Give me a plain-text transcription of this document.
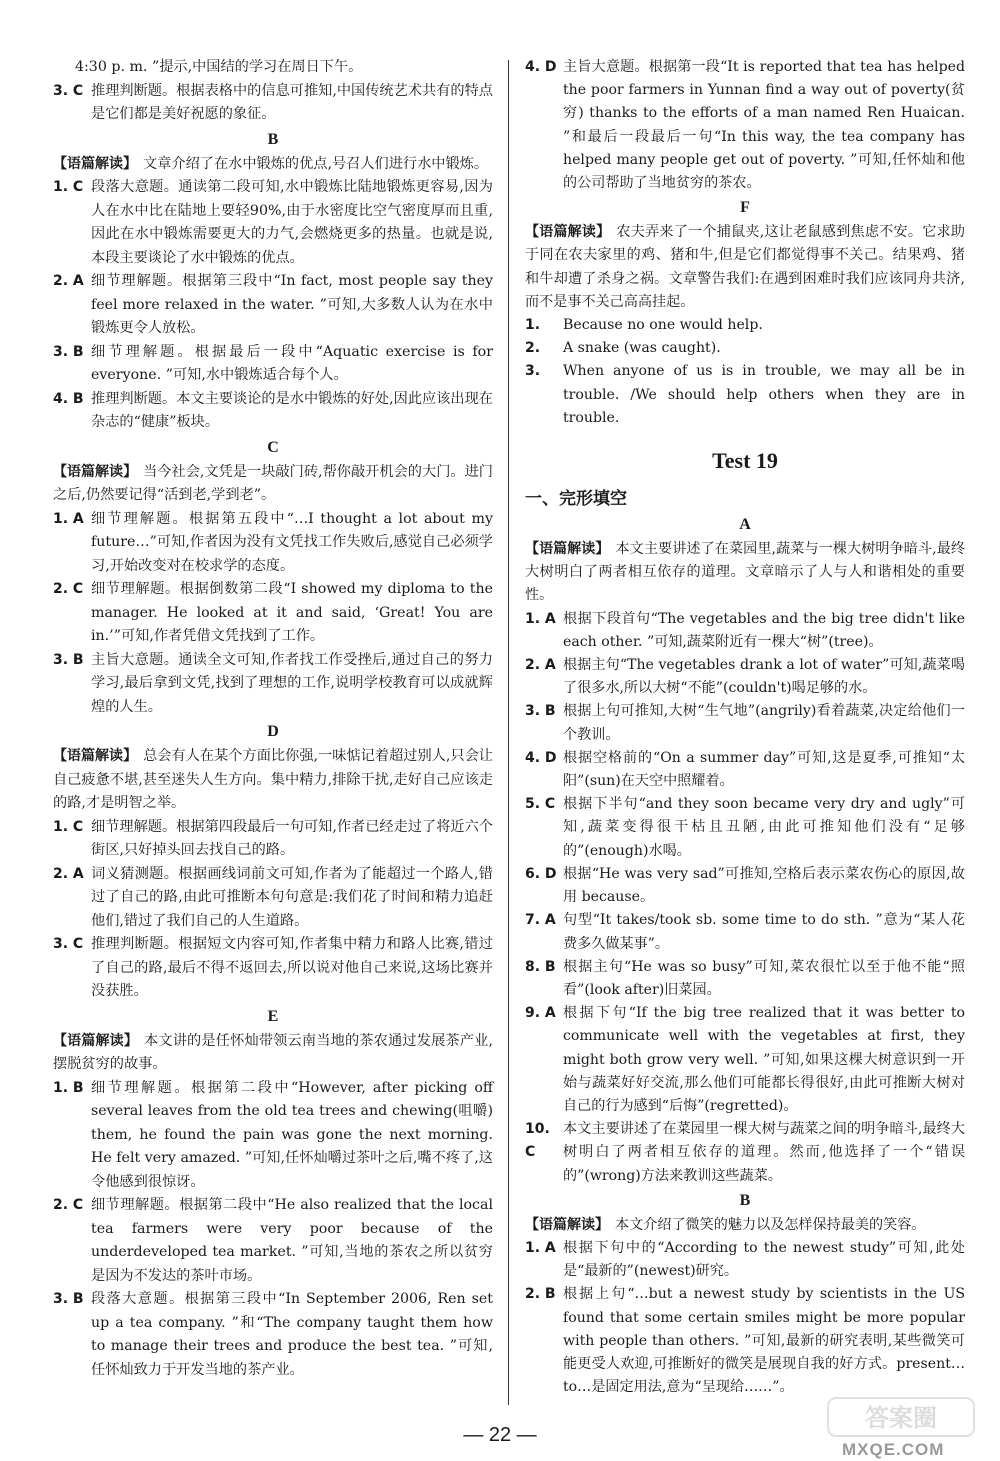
4:30 p. m. ”提示,中国结的学习在周日下午。
3. C 推理判断题。根据表格中的信息可推知,中国传统艺术共有的特点是它们都是美好祝愿的象征。
B
【语篇解读】 文章介绍了在水中锻炼的优点,号召人们进行水中锻炼。
1. C 段落大意题。通读第二段可知,水中锻炼比陆地锻炼更容易,因为人在水中比在陆地上要轻90%,由于水密度比空气密度厚而且重,因此在水中锻炼需要更大的力气,会燃烧更多的热量。也就是说,本段主要谈论了水中锻炼的优点。
2. A 细节理解题。根据第三段中“In fact, most people say they feel more relaxed in the water. ”可知,大多数人认为在水中锻炼更令人放松。
3. B 细节理解题。根据最后一段中“Aquatic exercise is for everyone. ”可知,水中锻炼适合每个人。
4. B 推理判断题。本文主要谈论的是水中锻炼的好处,因此应该出现在杂志的“健康”板块。
C
【语篇解读】 当今社会,文凭是一块敲门砖,帮你敲开机会的大门。进门之后,仍然要记得“活到老,学到老”。
1. A 细节理解题。根据第五段中“…I thought a lot about my future…”可知,作者因为没有文凭找工作失败后,感觉自己必须学习,开始改变对在校求学的态度。
2. C 细节理解题。根据倒数第二段“I showed my diploma to the manager. He looked at it and said, ‘Great! You are in.’”可知,作者凭借文凭找到了工作。
3. B 主旨大意题。通读全文可知,作者找工作受挫后,通过自己的努力学习,最后拿到文凭,找到了理想的工作,说明学校教育可以成就辉煌的人生。
D
【语篇解读】 总会有人在某个方面比你强,一味惦记着超过别人,只会让自己疲惫不堪,甚至迷失人生方向。集中精力,排除干扰,走好自己应该走的路,才是明智之举。
1. C 细节理解题。根据第四段最后一句可知,作者已经走过了将近六个街区,只好掉头回去找自己的路。
2. A 词义猜测题。根据画线词前文可知,作者为了能超过一个路人,错过了自己的路,由此可推断本句句意是:我们花了时间和精力追赶他们,错过了我们自己的人生道路。
3. C 推理判断题。根据短文内容可知,作者集中精力和路人比赛,错过了自己的路,最后不得不返回去,所以说对他自己来说,这场比赛并没获胜。
E
【语篇解读】 本文讲的是任怀灿带领云南当地的茶农通过发展茶产业,摆脱贫穷的故事。
1. B 细节理解题。根据第二段中“However, after picking off several leaves from the old tea trees and chewing(咀嚼) them, he found the pain was gone the next morning. He felt very amazed. ”可知,任怀灿嚼过茶叶之后,嘴不疼了,这令他感到很惊讶。
2. C 细节理解题。根据第二段中“He also realized that the local tea farmers were very poor because of the underdeveloped tea market. ”可知,当地的茶农之所以贫穷是因为不发达的茶叶市场。
3. B 段落大意题。根据第三段中“In September 2006, Ren set up a tea company. ”和“The company taught them how to manage their trees and produce the best tea. ”可知,任怀灿致力于开发当地的茶产业。
4. D 主旨大意题。根据第一段“It is reported that tea has helped the poor farmers in Yunnan find a way out of poverty(贫穷) thanks to the efforts of a man named Ren Huaican. ”和最后一段最后一句“In this way, the tea company has helped many people get out of poverty. ”可知,任怀灿和他的公司帮助了当地贫穷的茶农。
F
【语篇解读】 农夫弄来了一个捕鼠夹,这让老鼠感到焦虑不安。它求助于同在农夫家里的鸡、猪和牛,但是它们都觉得事不关己。结果鸡、猪和牛却遭了杀身之祸。文章警告我们:在遇到困难时我们应该同舟共济,而不是事不关己高高挂起。
1.	Because no one would help.
2.	A snake (was caught).
3.	When anyone of us is in trouble, we may all be in trouble. /We should help others when they are in trouble.
Test 19
一、完形填空
A
【语篇解读】 本文主要讲述了在菜园里,蔬菜与一棵大树明争暗斗,最终大树明白了两者相互依存的道理。文章暗示了人与人和谐相处的重要性。
1. A 根据下段首句“The vegetables and the big tree didn't like each other. ”可知,蔬菜附近有一棵大“树”(tree)。
2. A 根据主句“The vegetables drank a lot of water”可知,蔬菜喝了很多水,所以大树“不能”(couldn't)喝足够的水。
3. B 根据上句可推知,大树“生气地”(angrily)看着蔬菜,决定给他们一个教训。
4. D 根据空格前的“On a summer day”可知,这是夏季,可推知“太阳”(sun)在天空中照耀着。
5. C 根据下半句“and they soon became very dry and ugly”可知,蔬菜变得很干枯且丑陋,由此可推知他们没有“足够的”(enough)水喝。
6. D 根据“He was very sad”可推知,空格后表示菜农伤心的原因,故用 because。
7. A 句型“It takes/took sb. some time to do sth. ”意为“某人花费多久做某事”。
8. B 根据主句“He was so busy”可知,菜农很忙以至于他不能“照看”(look after)旧菜园。
9. A 根据下句“If the big tree realized that it was better to communicate well with the vegetables at first, they might both grow very well. ”可知,如果这棵大树意识到一开始与蔬菜好好交流,那么他们可能都长得很好,由此可推断大树对自己的行为感到“后悔”(regretted)。
10. C
本文主要讲述了在菜园里一棵大树与蔬菜之间的明争暗斗,最终大树明白了两者相互依存的道理。然而,他选择了一个“错误的”(wrong)方法来教训这些蔬菜。
B
【语篇解读】 本文介绍了微笑的魅力以及怎样保持最美的笑容。
1. A 根据下句中的“According to the newest study”可知,此处是“最新的”(newest)研究。
2. B 根据上句“…but a newest study by scientists in the US found that some certain smiles might be more popular with people than others. ”可知,最新的研究表明,某些微笑可能更受人欢迎,可推断好的微笑是展现自我的好方式。present…to…是固定用法,意为“呈现给……”。
— 22 —
答案圈
MXQE.COM
